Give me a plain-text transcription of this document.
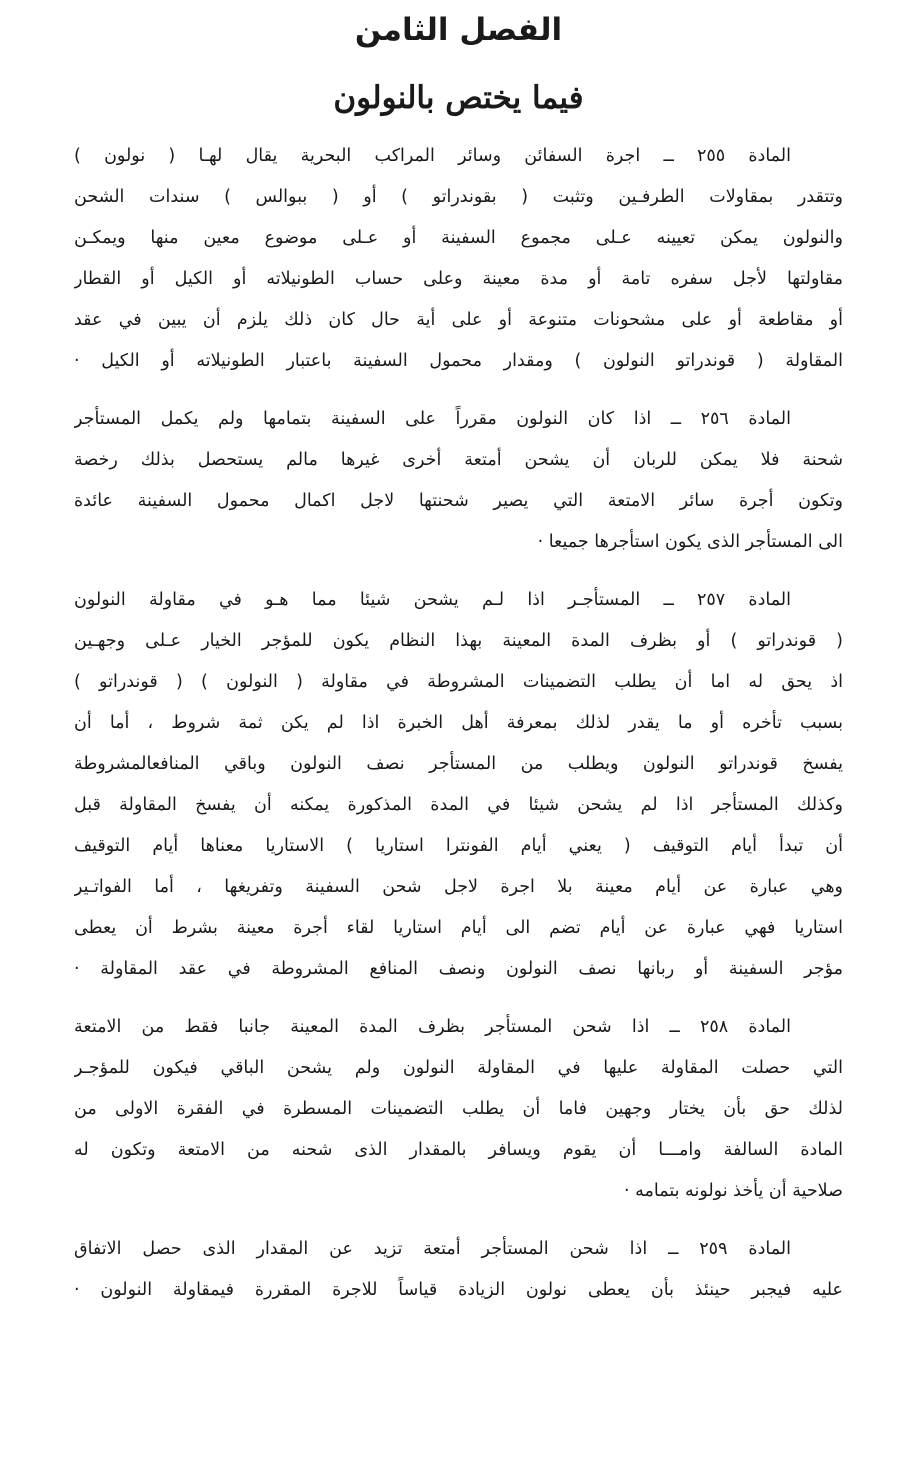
الفصل الثامن
فيما يختص بالنولون
المادة ٢٥٥ ــ اجرة السفائن وسائر المراكب البحرية يقال لهـا ( نولون )
وتتقدر بمقاولات الطرفـين وتثبت ( بقوندراتو ) أو ( ببوالس ) سندات الشحن
والنولون يمكن تعيينه عـلى مجموع السفينة أو عـلى موضوع معين منها ويمكـن
مقاولتها لأجل سفره تامة أو مدة معينة وعلى حساب الطونيلاته أو الكيل أو القطار
أو مقاطعة أو على مشحونات متنوعة أو على أية حال كان ذلك يلزم أن يبين في عقد
المقاولة ( قوندراتو النولون ) ومقدار محمول السفينة باعتبار الطونيلاته أو الكيل ·
المادة ٢٥٦ ــ اذا كان النولون مقرراً على السفينة بتمامها ولم يكمل المستأجر
شحنة فلا يمكن للربان أن يشحن أمتعة أخرى غيرها مالم يستحصل بذلك رخصة
وتكون أجرة سائر الامتعة التي يصير شحنتها لاجل اكمال محمول السفينة عائدة
الى المستأجر الذى يكون استأجرها جميعا ·
المادة ٢٥٧ ــ المستأجـر اذا لـم يشحن شيئا مما هـو في مقاولة النولون
( قوندراتو ) أو بظرف المدة المعينة بهذا النظام يكون للمؤجر الخيار عـلى وجهـين
اذ يحق له اما أن يطلب التضمينات المشروطة في مقاولة ( النولون ) ( قوندراتو )
بسبب تأخره أو ما يقدر لذلك بمعرفة أهل الخبرة اذا لم يكن ثمة شروط ، أما أن
يفسخ قوندراتو النولون ويطلب من المستأجر نصف النولون وباقي المنافعالمشروطة
وكذلك المستأجر اذا لم يشحن شيئا في المدة المذكورة يمكنه أن يفسخ المقاولة قبل
أن تبدأ أيام التوقيف ( يعني أيام الفونترا استاريا ) الاستاريا معناها أيام التوقيف
وهي عبارة عن أيام معينة بلا اجرة لاجل شحن السفينة وتفريغها ، أما الفواتـير
استاريا فهي عبارة عن أيام تضم الى أيام استاريا لقاء أجرة معينة بشرط أن يعطى
مؤجر السفينة أو ربانها نصف النولون ونصف المنافع المشروطة في عقد المقاولة ·
المادة ٢٥٨ ــ اذا شحن المستأجر بظرف المدة المعينة جانبا فقط من الامتعة
التي حصلت المقاولة عليها في المقاولة النولون ولم يشحن الباقي فيكون للمؤجـر
لذلك حق بأن يختار وجهين فاما أن يطلب التضمينات المسطرة في الفقرة الاولى من
المادة السالفة وامـــا أن يقوم ويسافر بالمقدار الذى شحنه من الامتعة وتكون له
صلاحية أن يأخذ نولونه بتمامه ·
المادة ٢٥٩ ــ اذا شحن المستأجر أمتعة تزيد عن المقدار الذى حصل الاتفاق
عليه فيجبر حينئذ بأن يعطى نولون الزيادة قياساً للاجرة المقررة فيمقاولة النولون ·
